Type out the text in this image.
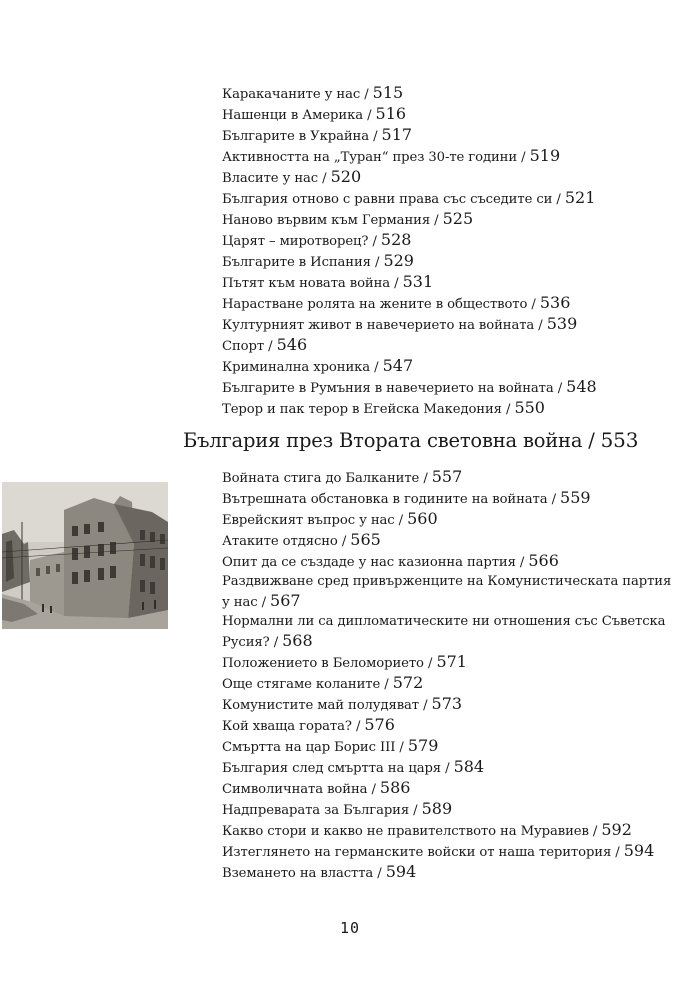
Каракачаните у нас / 515
Нашенци в Америка / 516
Българите в Украйна / 517
Активността на „Туран“ през 30-те години / 519
Власите у нас / 520
България отново с равни права със съседите си / 521
Наново вървим към Германия / 525
Царят – миротворец? / 528
Българите в Испания / 529
Пътят към новата война / 531
Нарастване ролята на жените в обществото / 536
Културният живот в навечерието на войната / 539
Спорт / 546
Криминална хроника / 547
Българите в Румъния в навечерието на войната / 548
Терор и пак терор в Егейска Македония / 550
България през Втората световна война / 553
Войната стига до Балканите / 557
Вътрешната обстановка в годините на войната / 559
Еврейският въпрос у нас / 560
Атаките отдясно / 565
Опит да се създаде у нас казионна партия / 566
Раздвижване сред привърженците на Комунистическата партия у нас / 567
Нормални ли са дипломатическите ни отношения със Съветска Русия? / 568
Положението в Беломорието / 571
Още стягаме коланите / 572
Комунистите май полудяват / 573
Кой хваща гората? / 576
Смъртта на цар Борис III / 579
България след смъртта на царя / 584
Символичната война / 586
Надпреварата за България / 589
Какво стори и какво не правителството на Муравиев / 592
Изтеглянето на германските войски от наша територия / 594
Вземането на властта / 594
10
